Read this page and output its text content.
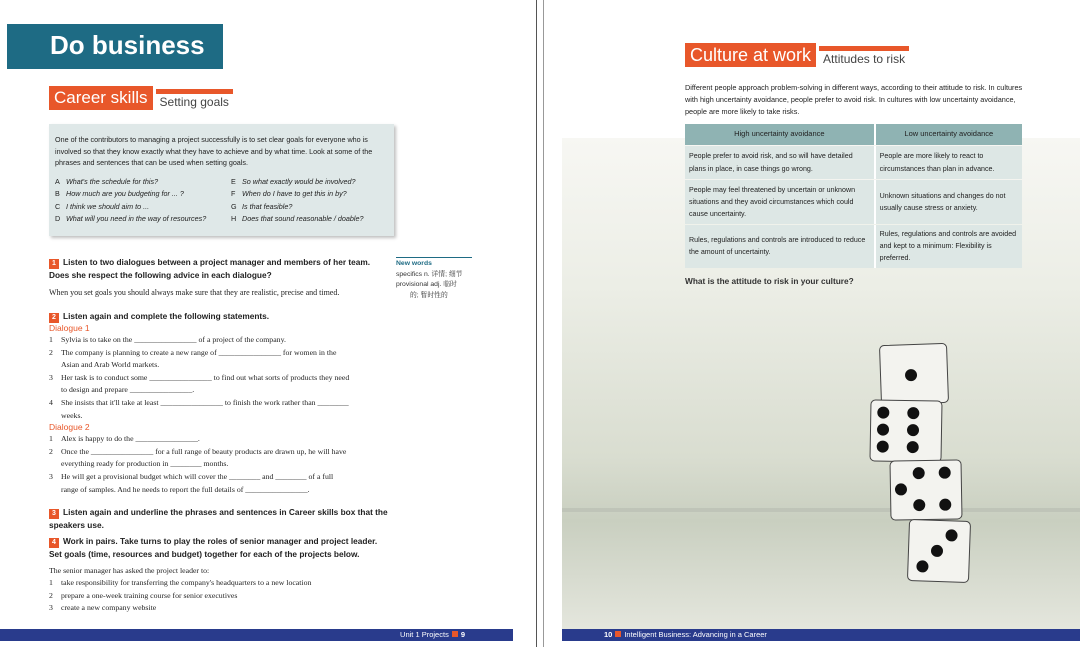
Do business
Career skills	Setting goals
One of the contributors to managing a project successfully is to set clear goals for everyone who is involved so that they know exactly what they have to achieve and by what time. Look at some of the phrases and sentences that can be used when setting goals.
A What's the schedule for this?	E So what exactly would be involved?
B How much are you budgeting for ... ?	F When do I have to get this in by?
C I think we should aim to ...	G Is that feasible?
D What will you need in the way of resources?	H Does that sound reasonable / doable?
1 Listen to two dialogues between a project manager and members of her team. Does she respect the following advice in each dialogue?
When you set goals you should always make sure that they are realistic, precise and timed.
New words
specifics n. 详情; 细节
provisional adj. 临时
的; 暂时性的
2 Listen again and complete the following statements.
Dialogue 1
1	Sylvia is to take on the ________________ of a project of the company.
2	The company is planning to create a new range of ________________ for women in the
Asian and Arab World markets.
3	Her task is to conduct some ________________ to find out what sorts of products they need
to design and prepare ________________.
4	She insists that it'll take at least ________________ to finish the work rather than ________
weeks.
Dialogue 2
1	Alex is happy to do the ________________.
2	Once the ________________ for a full range of beauty products are drawn up, he will have
everything ready for production in ________ months.
3	He will get a provisional budget which will cover the ________ and ________ of a full
range of samples. And he needs to report the full details of ________________.
3 Listen again and underline the phrases and sentences in Career skills box that the speakers use.
4 Work in pairs. Take turns to play the roles of senior manager and project leader. Set goals (time, resources and budget) together for each of the projects below.
The senior manager has asked the project leader to:
1	take responsibility for transferring the company's headquarters to a new location
2	prepare a one-week training course for senior executives
3	create a new company website
Unit 1 Projects 9
Culture at work	Attitudes to risk
Different people approach problem-solving in different ways, according to their attitude to risk. In cultures with high uncertainty avoidance, people prefer to avoid risk. In cultures with low uncertainty avoidance, people are more likely to take risks.
High uncertainty avoidance	Low uncertainty avoidance
People prefer to avoid risk, and so will have detailed plans in place, in case things go wrong.	People are more likely to react to circumstances than plan in advance.
People may feel threatened by uncertain or unknown situations and they avoid circumstances which could cause uncertainty.	Unknown situations and changes do not usually cause stress or anxiety.
Rules, regulations and controls are introduced to reduce the amount of uncertainty.	Rules, regulations and controls are avoided and kept to a minimum: Flexibility is preferred.
What is the attitude to risk in your culture?
10 Intelligent Business: Advancing in a Career
